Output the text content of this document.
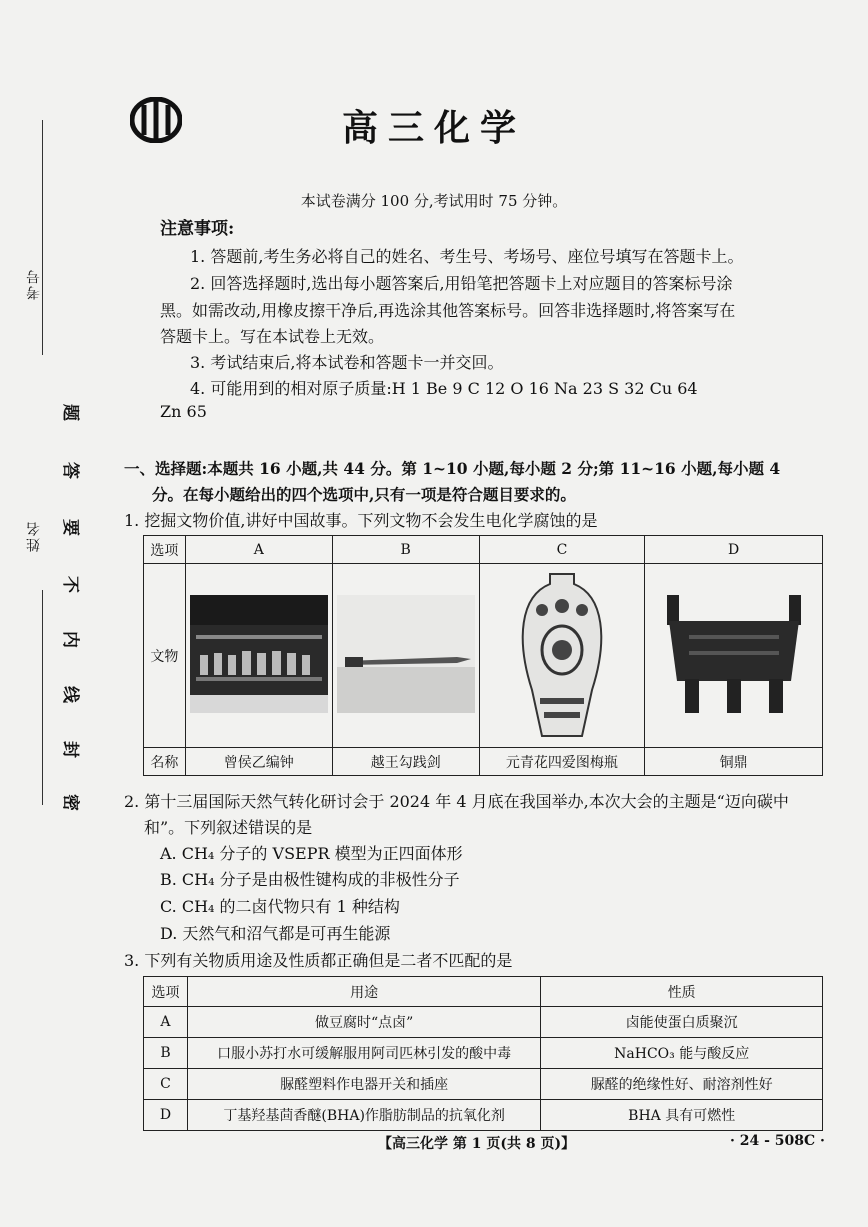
考号
姓名
密
封
线
内
不
要
答
题
高三化学
本试卷满分 100 分,考试用时 75 分钟。
注意事项:
1. 答题前,考生务必将自己的姓名、考生号、考场号、座位号填写在答题卡上。
2. 回答选择题时,选出每小题答案后,用铅笔把答题卡上对应题目的答案标号涂
黑。如需改动,用橡皮擦干净后,再选涂其他答案标号。回答非选择题时,将答案写在
答题卡上。写在本试卷上无效。
3. 考试结束后,将本试卷和答题卡一并交回。
4. 可能用到的相对原子质量:H 1 Be 9 C 12 O 16 Na 23 S 32 Cu 64
Zn 65
一、选择题:本题共 16 小题,共 44 分。第 1~10 小题,每小题 2 分;第 11~16 小题,每小题 4
分。在每小题给出的四个选项中,只有一项是符合题目要求的。
1. 挖掘文物价值,讲好中国故事。下列文物不会发生电化学腐蚀的是
选项	A	B	C	D
文物				
名称	曾侯乙编钟	越王勾践剑	元青花四爱图梅瓶	铜鼎
2. 第十三届国际天然气转化研讨会于 2024 年 4 月底在我国举办,本次大会的主题是“迈向碳中
和”。下列叙述错误的是
A. CH₄ 分子的 VSEPR 模型为正四面体形
B. CH₄ 分子是由极性键构成的非极性分子
C. CH₄ 的二卤代物只有 1 种结构
D. 天然气和沼气都是可再生能源
3. 下列有关物质用途及性质都正确但是二者不匹配的是
选项	用途	性质
A	做豆腐时“点卤”	卤能使蛋白质聚沉
B	口服小苏打水可缓解服用阿司匹林引发的酸中毒	NaHCO₃ 能与酸反应
C	脲醛塑料作电器开关和插座	脲醛的绝缘性好、耐溶剂性好
D	丁基羟基茴香醚(BHA)作脂肪制品的抗氧化剂	BHA 具有可燃性
【高三化学 第 1 页(共 8 页)】	· 24 - 508C ·
